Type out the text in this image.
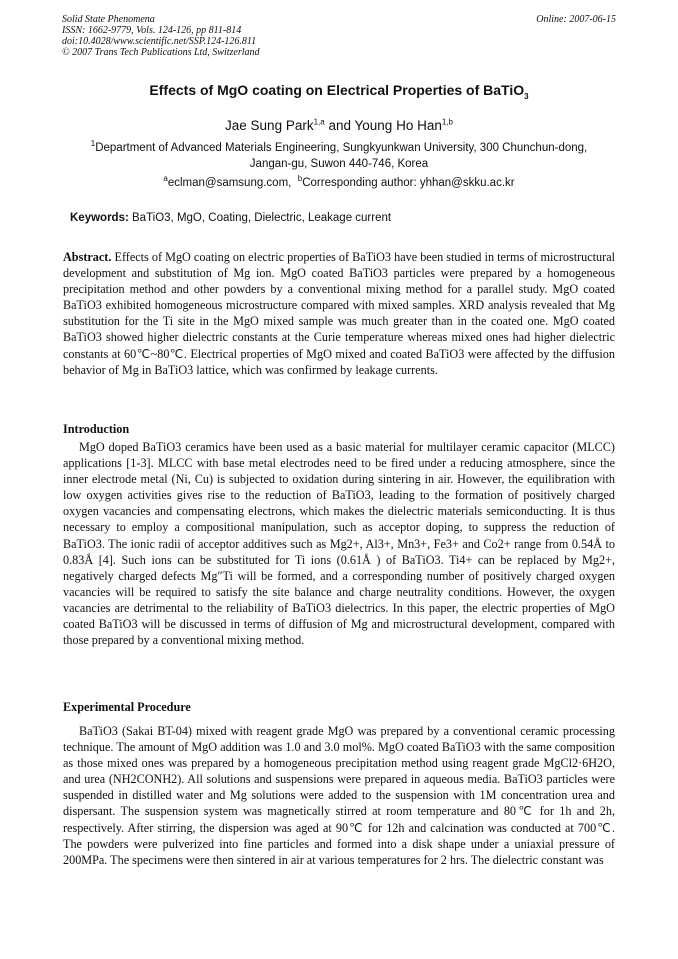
Solid State Phenomena
ISSN: 1662-9779, Vols. 124-126, pp 811-814
doi:10.4028/www.scientific.net/SSP.124-126.811
© 2007 Trans Tech Publications Ltd, Switzerland
Online: 2007-06-15
Effects of MgO coating on Electrical Properties of BaTiO$_3$
Jae Sung Park$^{1,a}$ and Young Ho Han$^{1,b}$
$^1$Department of Advanced Materials Engineering, Sungkyunkwan University, 300 Chunchun-dong,
Jangan-gu, Suwon 440-746, Korea
$^a$eclman@samsung.com, $^b$Corresponding author: yhhan@skku.ac.kr
Keywords: BaTiO3, MgO, Coating, Dielectric, Leakage current

Abstract. Effects of MgO coating on electric properties of BaTiO3 have been studied in terms of microstructural development and substitution of Mg ion. MgO coated BaTiO3 particles were prepared by a homogeneous precipitation method and other powders by a conventional mixing method for a parallel study. MgO coated BaTiO3 exhibited homogeneous microstructure compared with mixed samples. XRD analysis revealed that Mg substitution for the Ti site in the MgO mixed sample was much greater than in the coated one. MgO coated BaTiO3 showed higher dielectric constants at the Curie temperature whereas mixed ones had higher dielectric constants at 60℃~80℃. Electrical properties of MgO mixed and coated BaTiO3 were affected by the diffusion behavior of Mg in BaTiO3 lattice, which was confirmed by leakage currents.

Introduction

MgO doped BaTiO3 ceramics have been used as a basic material for multilayer ceramic capacitor (MLCC) applications [1-3]. MLCC with base metal electrodes need to be fired under a reducing atmosphere, since the inner electrode metal (Ni, Cu) is subjected to oxidation during sintering in air. However, the equilibration with low oxygen activities gives rise to the reduction of BaTiO3, leading to the formation of positively charged oxygen vacancies and compensating electrons, which makes the dielectric materials semiconducting. It is thus necessary to employ a compositional manipulation, such as acceptor doping, to suppress the reduction of BaTiO3. The ionic radii of acceptor additives such as Mg2+, Al3+, Mn3+, Fe3+ and Co2+ range from 0.54Å to 0.83Å [4]. Such ions can be substituted for Ti ions (0.61Å ) of BaTiO3. Ti4+ can be replaced by Mg2+, negatively charged defects Mg″Ti will be formed, and a corresponding number of positively charged oxygen vacancies will be required to satisfy the site balance and charge neutrality conditions. However, the oxygen vacancies are detrimental to the reliability of BaTiO3 dielectrics. In this paper, the electric properties of MgO coated BaTiO3 will be discussed in terms of diffusion of Mg and microstructural development, compared with those prepared by a conventional mixing method.

Experimental Procedure

BaTiO3 (Sakai BT-04) mixed with reagent grade MgO was prepared by a conventional ceramic processing technique. The amount of MgO addition was 1.0 and 3.0 mol%. MgO coated BaTiO3 with the same composition as those mixed ones was prepared by a homogeneous precipitation method using reagent grade MgCl2·6H2O, and urea (NH2CONH2). All solutions and suspensions were prepared in aqueous media. BaTiO3 particles were suspended in distilled water and Mg solutions were added to the suspension with 1M concentration urea and dispersant. The suspension system was magnetically stirred at room temperature and 80℃ for 1h and 2h, respectively. After stirring, the dispersion was aged at 90℃ for 12h and calcination was conducted at 700℃. The powders were pulverized into fine particles and formed into a disk shape under a uniaxial pressure of 200MPa. The specimens were then sintered in air at various temperatures for 2 hrs. The dielectric constant was
